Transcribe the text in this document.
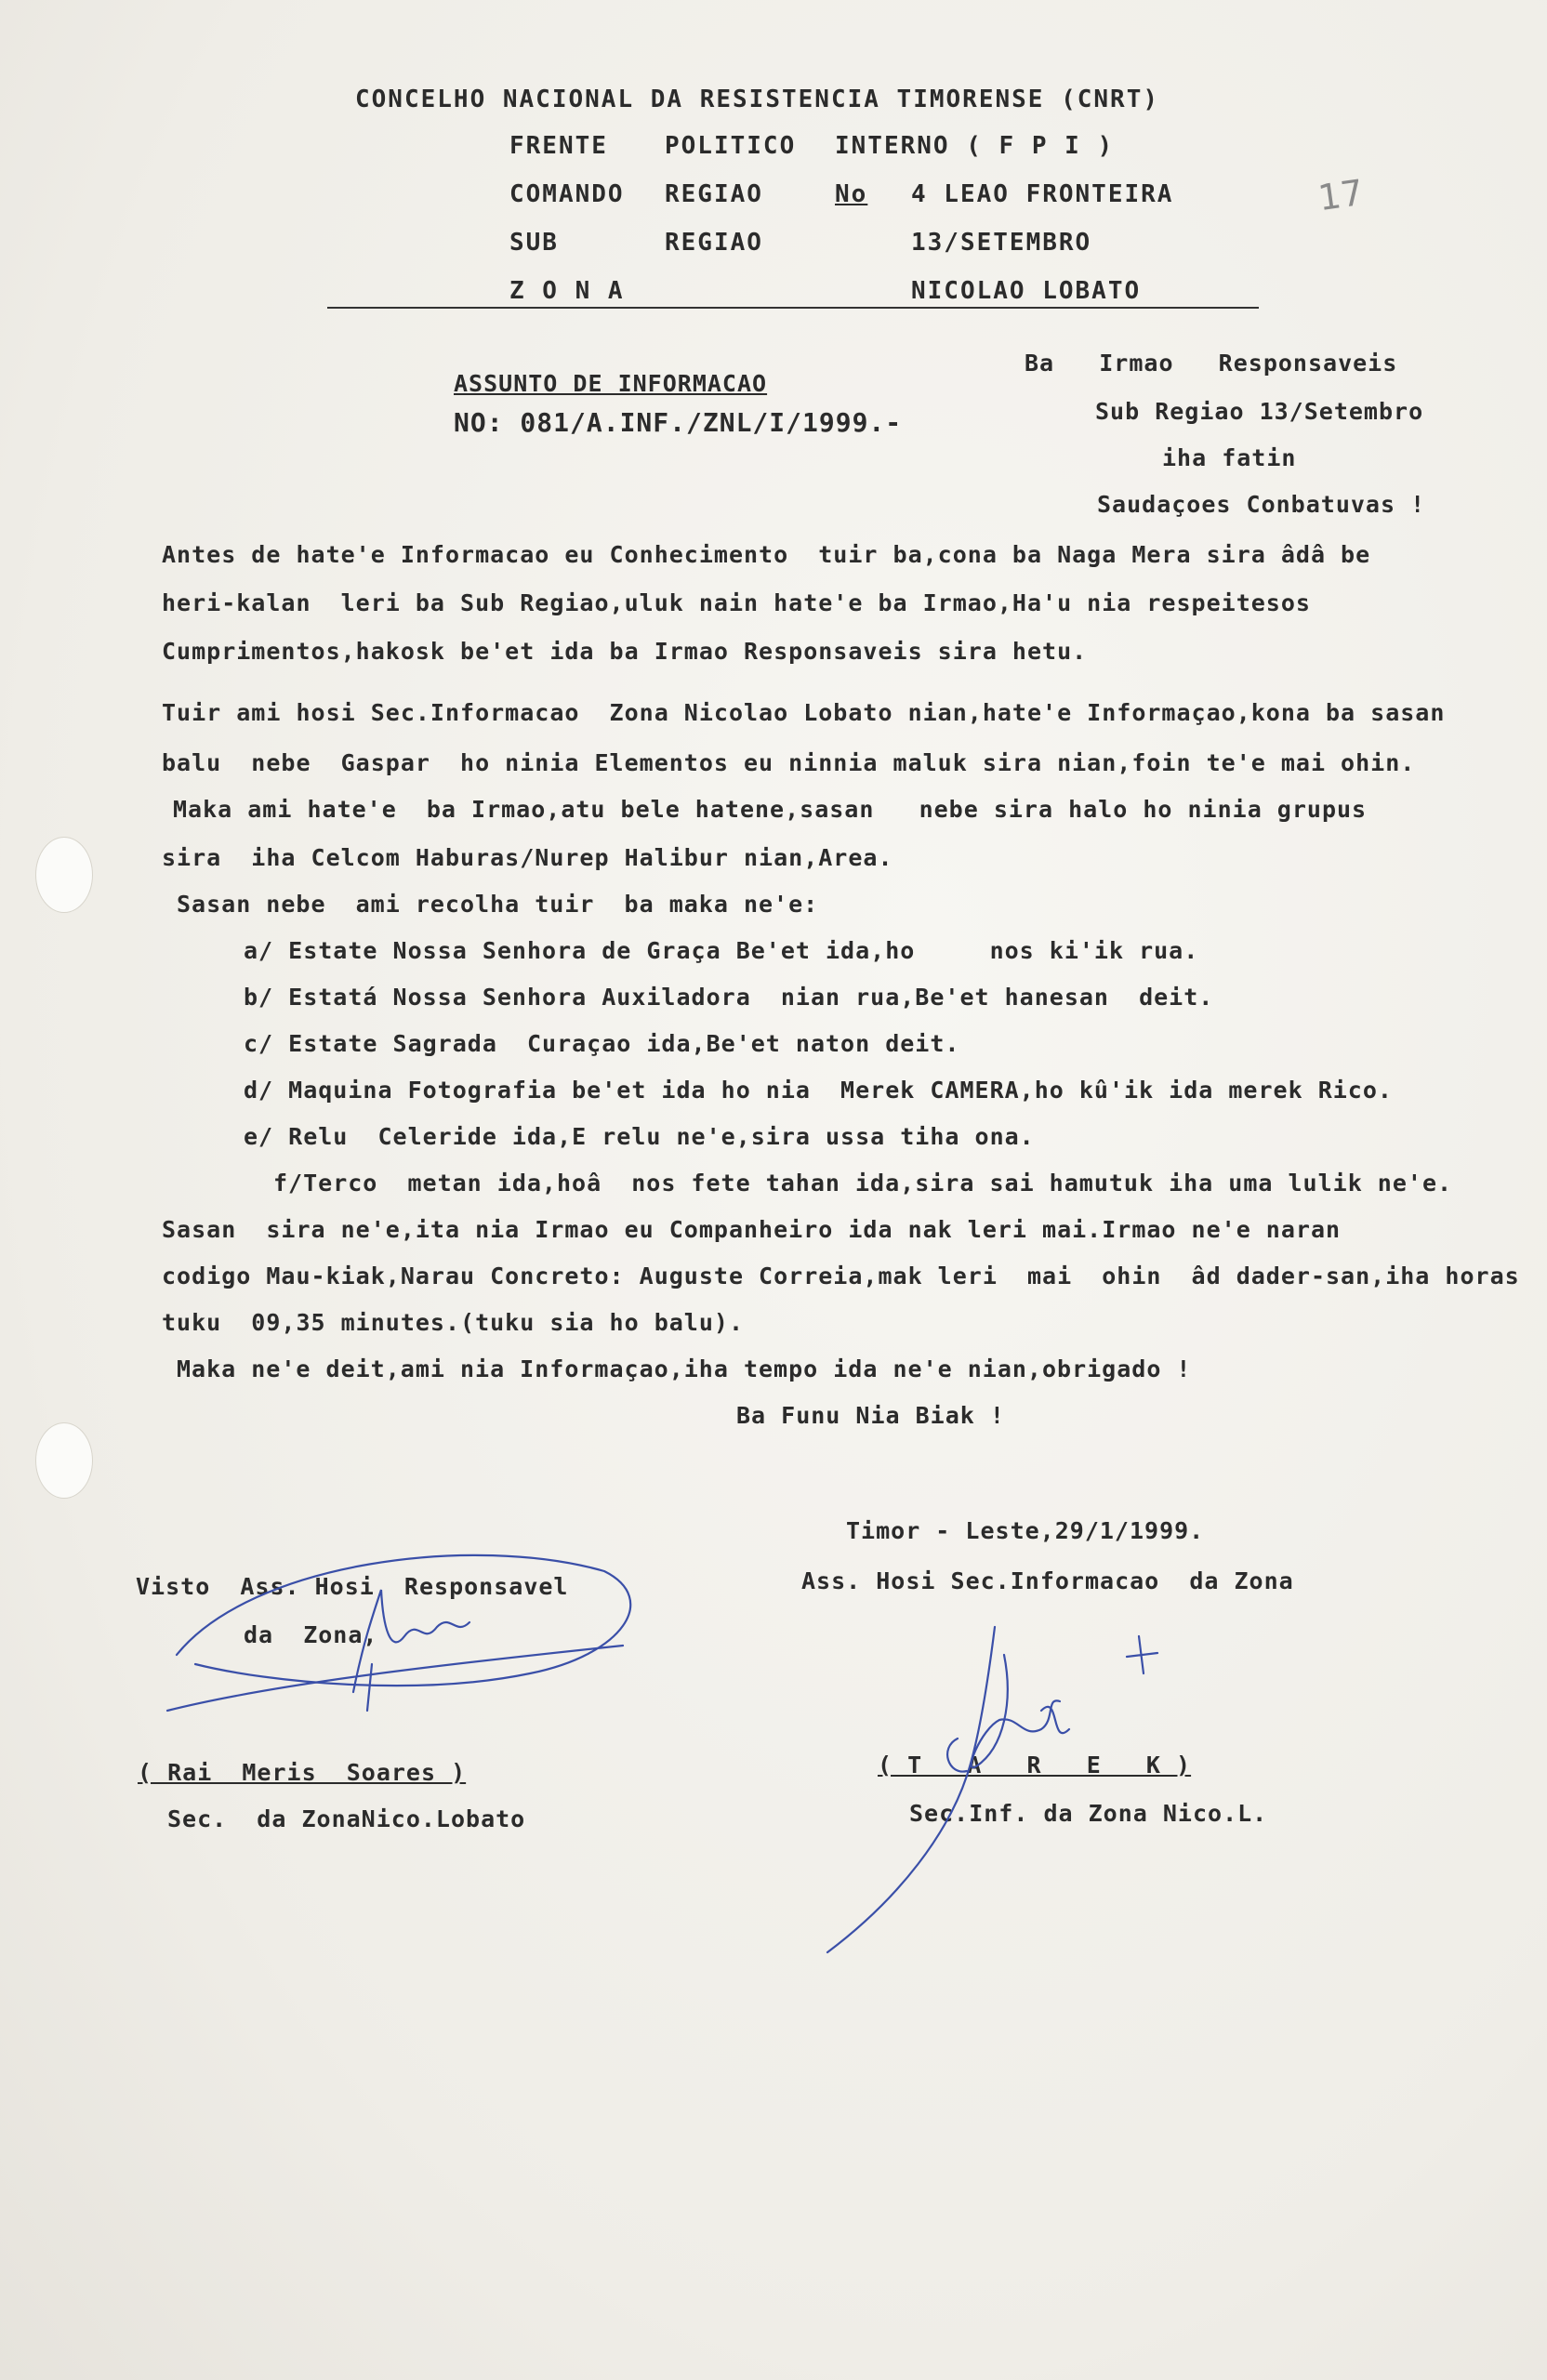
CONCELHO NACIONAL DA RESISTENCIA TIMORENSE (CNRT)
FRENTE POLITICO INTERNO ( F P I )
COMANDO REGIAO	No 4 LEAO FRONTEIRA	17
SUB	REGIAO	13/SETEMBRO
Z O N A	NICOLAO LOBATO
ASSUNTO DE INFORMACAO
NO: 081/A.INF./ZNL/I/1999.-
Ba   Irmao   Responsaveis
Sub Regiao 13/Setembro
iha fatin
Saudaçoes Conbatuvas !
Antes de hate'e Informacao eu Conhecimento  tuir ba,cona ba Naga Mera sira âdâ be
heri-kalan  leri ba Sub Regiao,uluk nain hate'e ba Irmao,Ha'u nia respeitesos
Cumprimentos,hakosk be'et ida ba Irmao Responsaveis sira hetu.
Tuir ami hosi Sec.Informacao  Zona Nicolao Lobato nian,hate'e Informaçao,kona ba sasan
balu  nebe  Gaspar  ho ninia Elementos eu ninnia maluk sira nian,foin te'e mai ohin.
Maka ami hate'e  ba Irmao,atu bele hatene,sasan   nebe sira halo ho ninia grupus
sira  iha Celcom Haburas/Nurep Halibur nian,Area.
Sasan nebe  ami recolha tuir  ba maka ne'e:
a/ Estate Nossa Senhora de Graça Be'et ida,ho     nos ki'ik rua.
b/ Estatá Nossa Senhora Auxiladora  nian rua,Be'et hanesan  deit.
c/ Estate Sagrada  Curaçao ida,Be'et naton deit.
d/ Maquina Fotografia be'et ida ho nia  Merek CAMERA,ho kû'ik ida merek Rico.
e/ Relu  Celeride ida,E relu ne'e,sira ussa tiha ona.
f/Terco  metan ida,hoâ  nos fete tahan ida,sira sai hamutuk iha uma lulik ne'e.
Sasan  sira ne'e,ita nia Irmao eu Companheiro ida nak leri mai.Irmao ne'e naran
codigo Mau-kiak,Narau Concreto: Auguste Correia,mak leri  mai  ohin  âd dader-san,iha horas
tuku  09,35 minutes.(tuku sia ho balu).
Maka ne'e deit,ami nia Informaçao,iha tempo ida ne'e nian,obrigado !
Ba Funu Nia Biak !
Timor - Leste,29/1/1999.
Ass. Hosi Sec.Informacao  da Zona
Visto  Ass. Hosi  Responsavel
da  Zona,
( Rai  Meris  Soares )
Sec.  da ZonaNico.Lobato
( T   A   R   E   K )
Sec.Inf. da Zona Nico.L.
